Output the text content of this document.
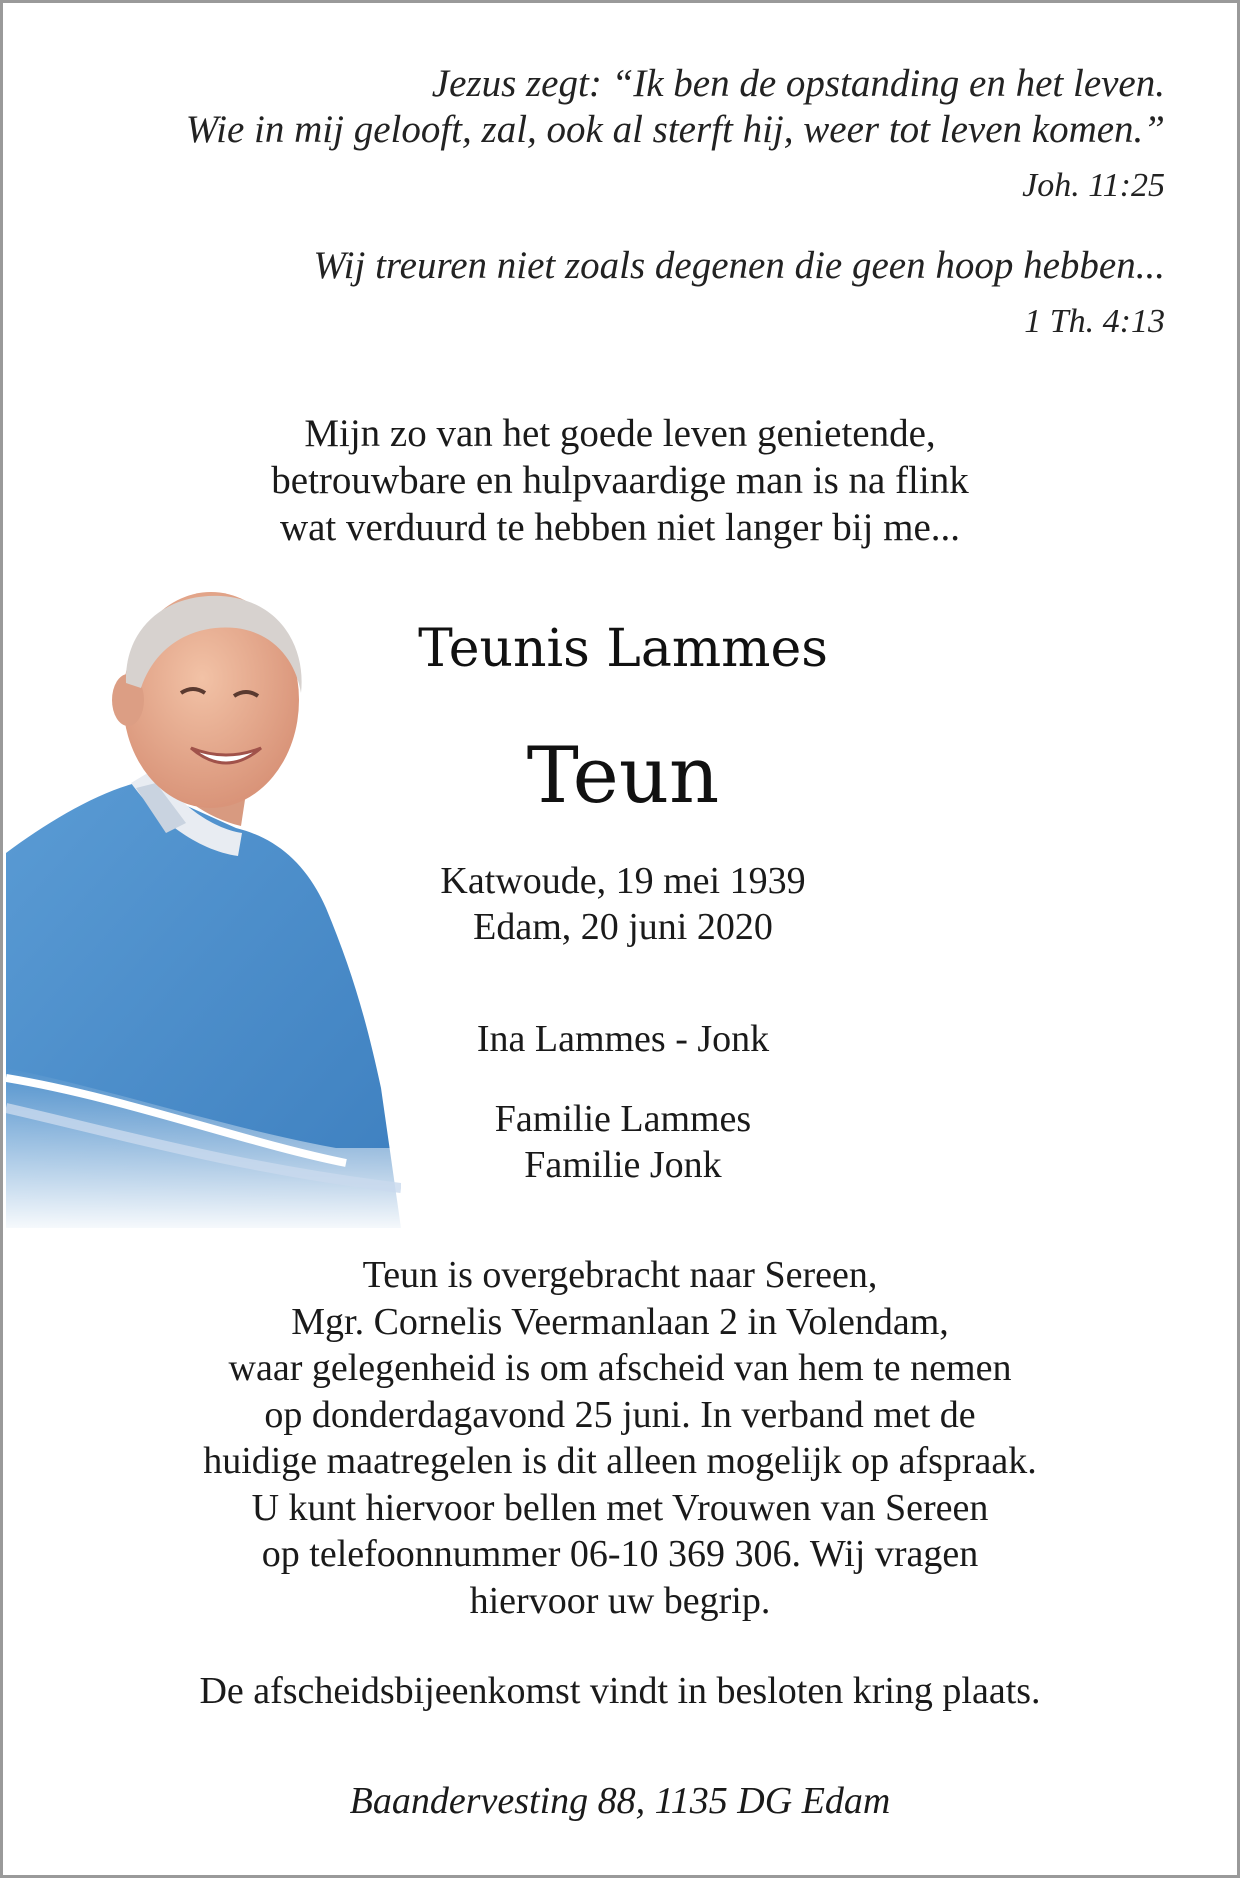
Jezus zegt: “Ik ben de opstanding en het leven.
Wie in mij gelooft, zal, ook al sterft hij, weer tot leven komen.”
Joh. 11:25
Wij treuren niet zoals degenen die geen hoop hebben...
1 Th. 4:13
Mijn zo van het goede leven genietende,
betrouwbare en hulpvaardige man is na flink
wat verduurd te hebben niet langer bij me...
Teunis Lammes
Teun
Katwoude, 19 mei 1939
Edam, 20 juni 2020
Ina Lammes - Jonk
Familie Lammes
Familie Jonk
Teun is overgebracht naar Sereen,
Mgr. Cornelis Veermanlaan 2 in Volendam,
waar gelegenheid is om afscheid van hem te nemen
op donderdagavond 25 juni. In verband met de
huidige maatregelen is dit alleen mogelijk op afspraak.
U kunt hiervoor bellen met Vrouwen van Sereen
op telefoonnummer 06-10 369 306. Wij vragen
hiervoor uw begrip.
De afscheidsbijeenkomst vindt in besloten kring plaats.
Baandervesting 88, 1135 DG Edam
